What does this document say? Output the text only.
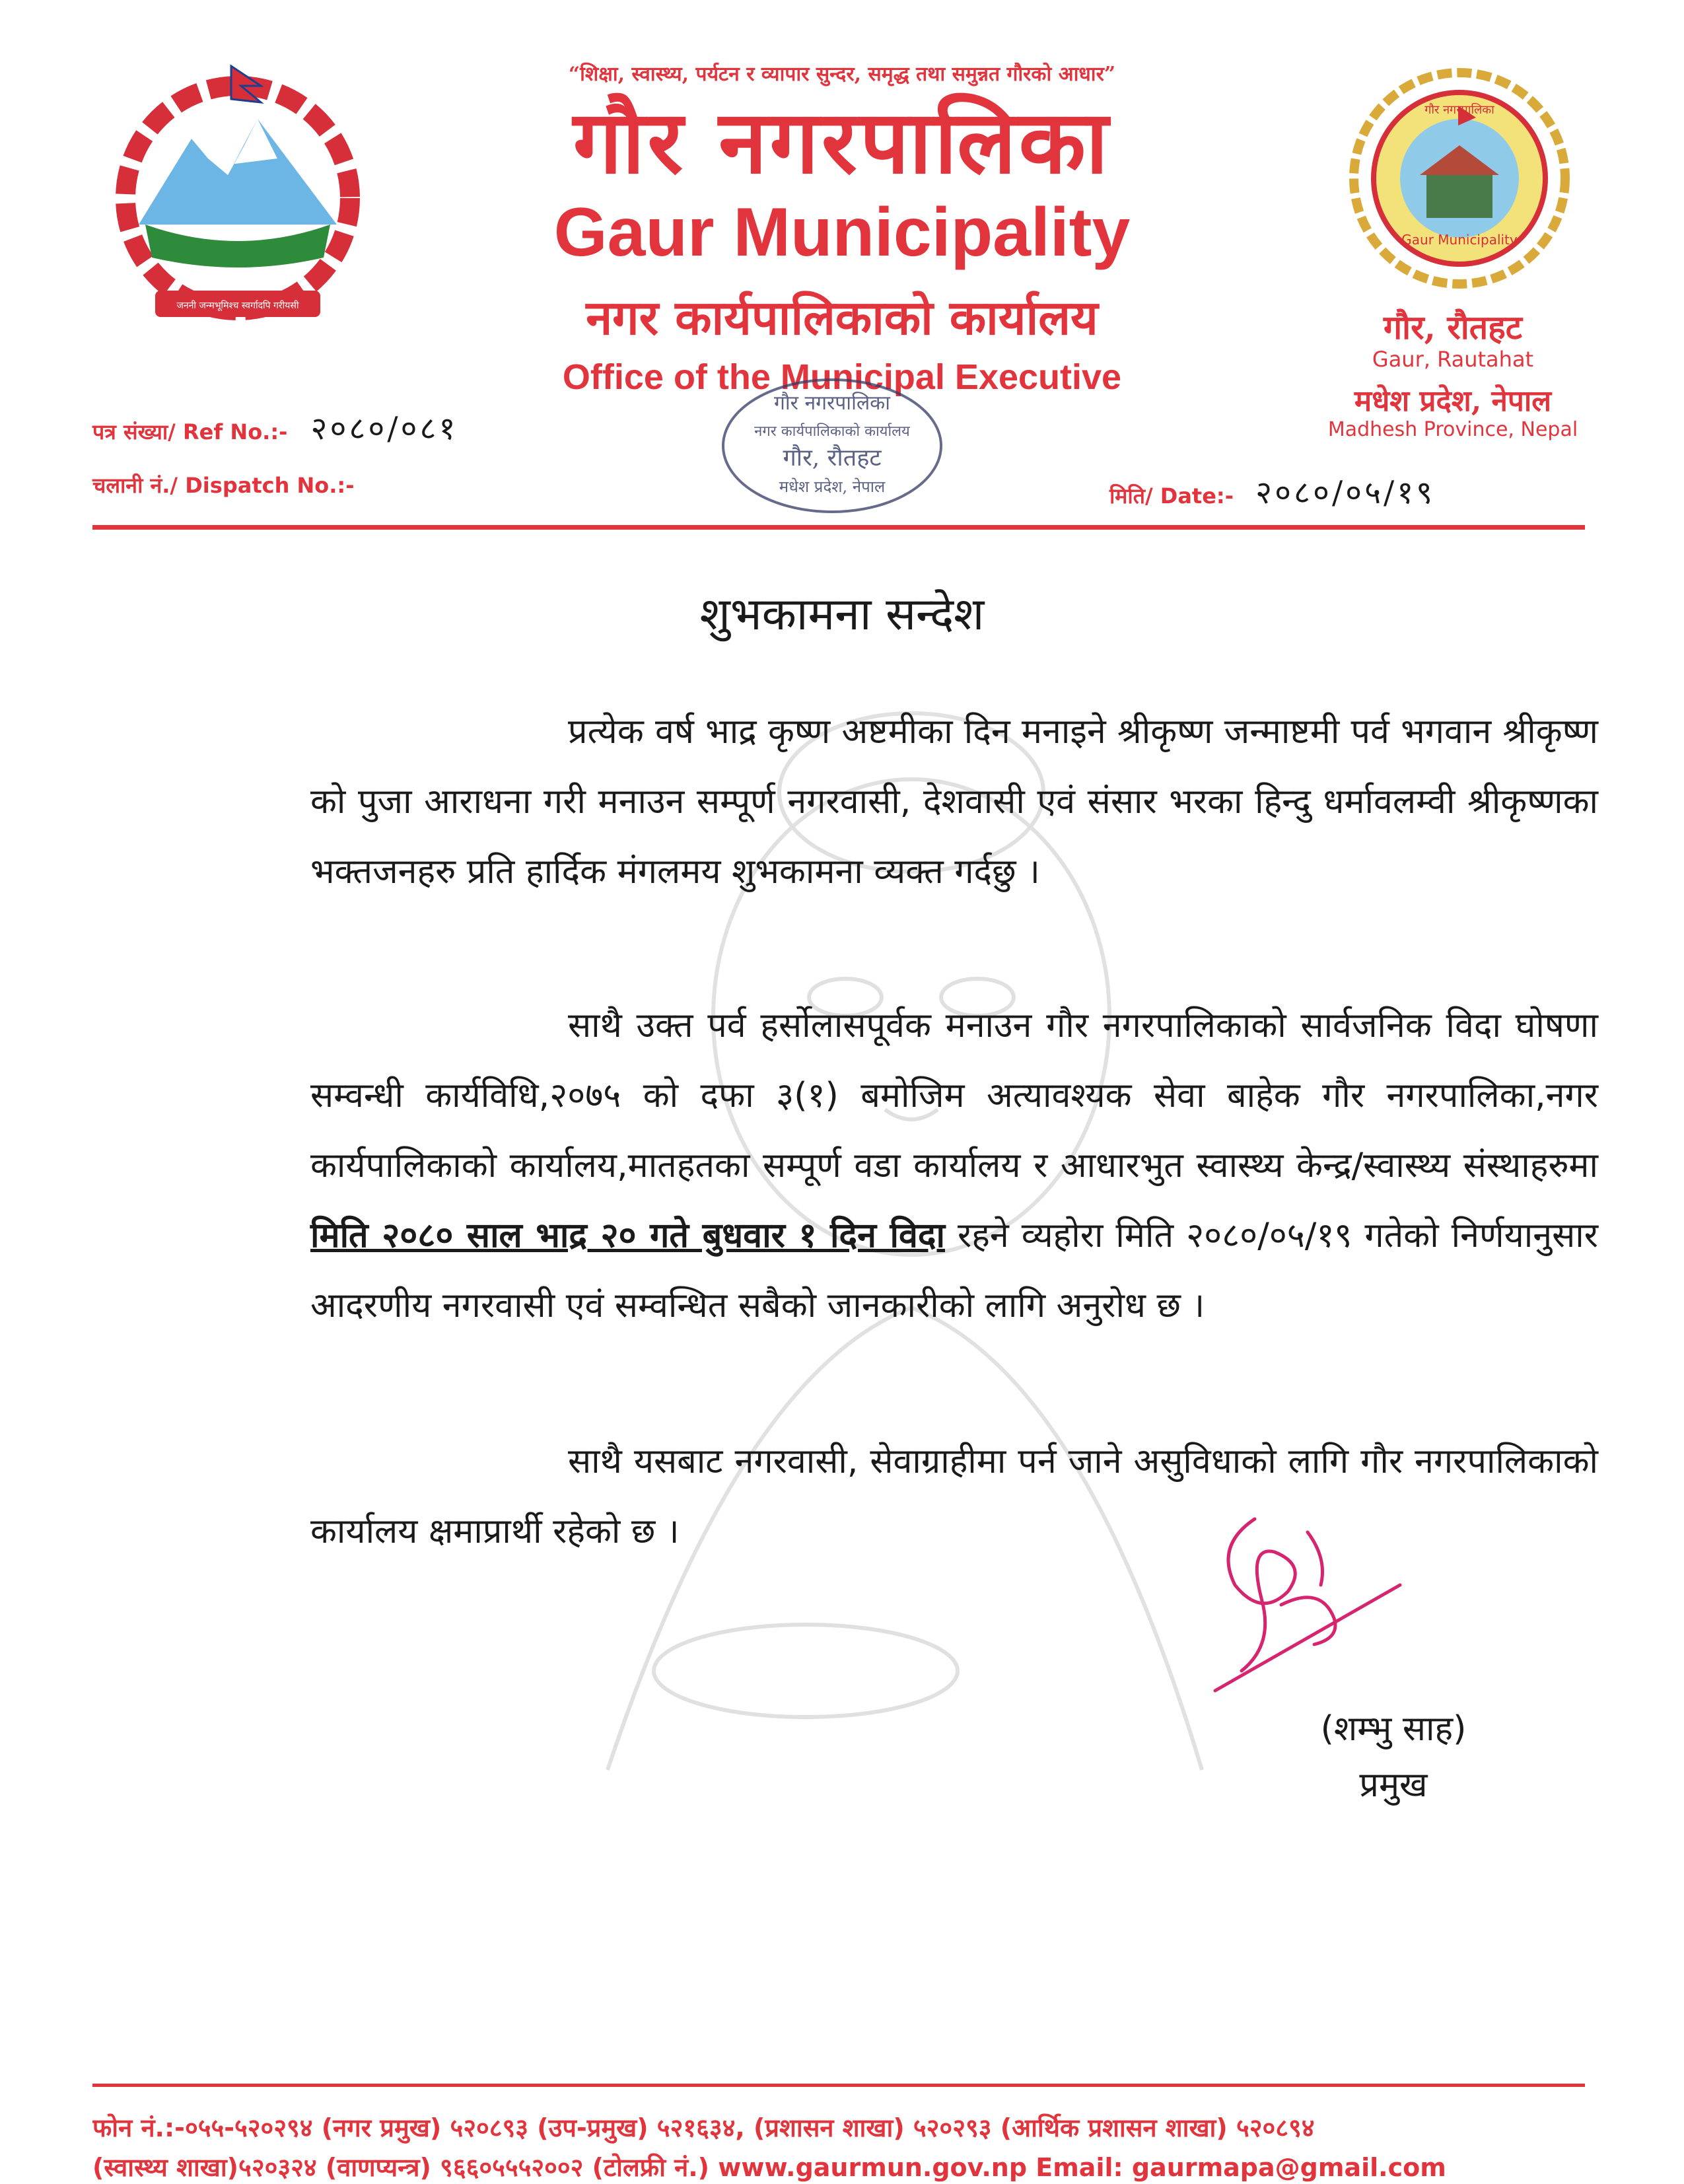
जननी जन्मभूमिश्च स्वर्गादपि गरीयसी
Gaur Municipality
गौर नगरपालिका
“शिक्षा, स्वास्थ्य, पर्यटन र व्यापार सुन्दर, समृद्ध तथा समुन्नत गौरको आधार”
गौर नगरपालिका
Gaur Municipality
नगर कार्यपालिकाको कार्यालय
Office of the Municipal Executive
गौर, रौतहट
Gaur, Rautahat
मधेश प्रदेश, नेपाल
Madhesh Province, Nepal
पत्र संख्या/ Ref No.:- २०८०/०८१
चलानी नं./ Dispatch No.:-	मिति/ Date:- २०८०/०५/१९
गौर नगरपालिका
नगर कार्यपालिकाको कार्यालय
गौर, रौतहट
मधेश प्रदेश, नेपाल
शुभकामना सन्देश
प्रत्येक वर्ष भाद्र कृष्ण अष्टमीका दिन मनाइने श्रीकृष्ण जन्माष्टमी पर्व भगवान श्रीकृष्ण को पुजा आराधना गरी मनाउन सम्पूर्ण नगरवासी, देशवासी एवं संसार भरका हिन्दु धर्मावलम्वी श्रीकृष्णका भक्तजनहरु प्रति हार्दिक मंगलमय शुभकामना व्यक्त गर्दछु ।
साथै उक्त पर्व हर्सोलासपूर्वक मनाउन गौर नगरपालिकाको सार्वजनिक विदा घोषणा सम्वन्धी कार्यविधि,२०७५ को दफा ३(१) बमोजिम अत्यावश्यक सेवा बाहेक गौर नगरपालिका,नगर कार्यपालिकाको कार्यालय,मातहतका सम्पूर्ण वडा कार्यालय र आधारभुत स्वास्थ्य केन्द्र/स्वास्थ्य संस्थाहरुमा मिति २०८० साल भाद्र २० गते बुधवार १ दिन विदा रहने व्यहोरा मिति २०८०/०५/१९ गतेको निर्णयानुसार आदरणीय नगरवासी एवं सम्वन्धित सबैको जानकारीको लागि अनुरोध छ ।
साथै यसबाट नगरवासी, सेवाग्राहीमा पर्न जाने असुविधाको लागि गौर नगरपालिकाको कार्यालय क्षमाप्रार्थी रहेको छ ।
(शम्भु साह)
प्रमुख
फोन नं.:-०५५-५२०२९४ (नगर प्रमुख) ५२०८९३ (उप-प्रमुख) ५२१६३४, (प्रशासन शाखा) ५२०२९३ (आर्थिक प्रशासन शाखा) ५२०८९४
(स्वास्थ्य शाखा)५२०३२४ (वाणप्यन्त्र) ९६६०५५५२००२ (टोलफ्री नं.) www.gaurmun.gov.np Email: gaurmapa@gmail.com
